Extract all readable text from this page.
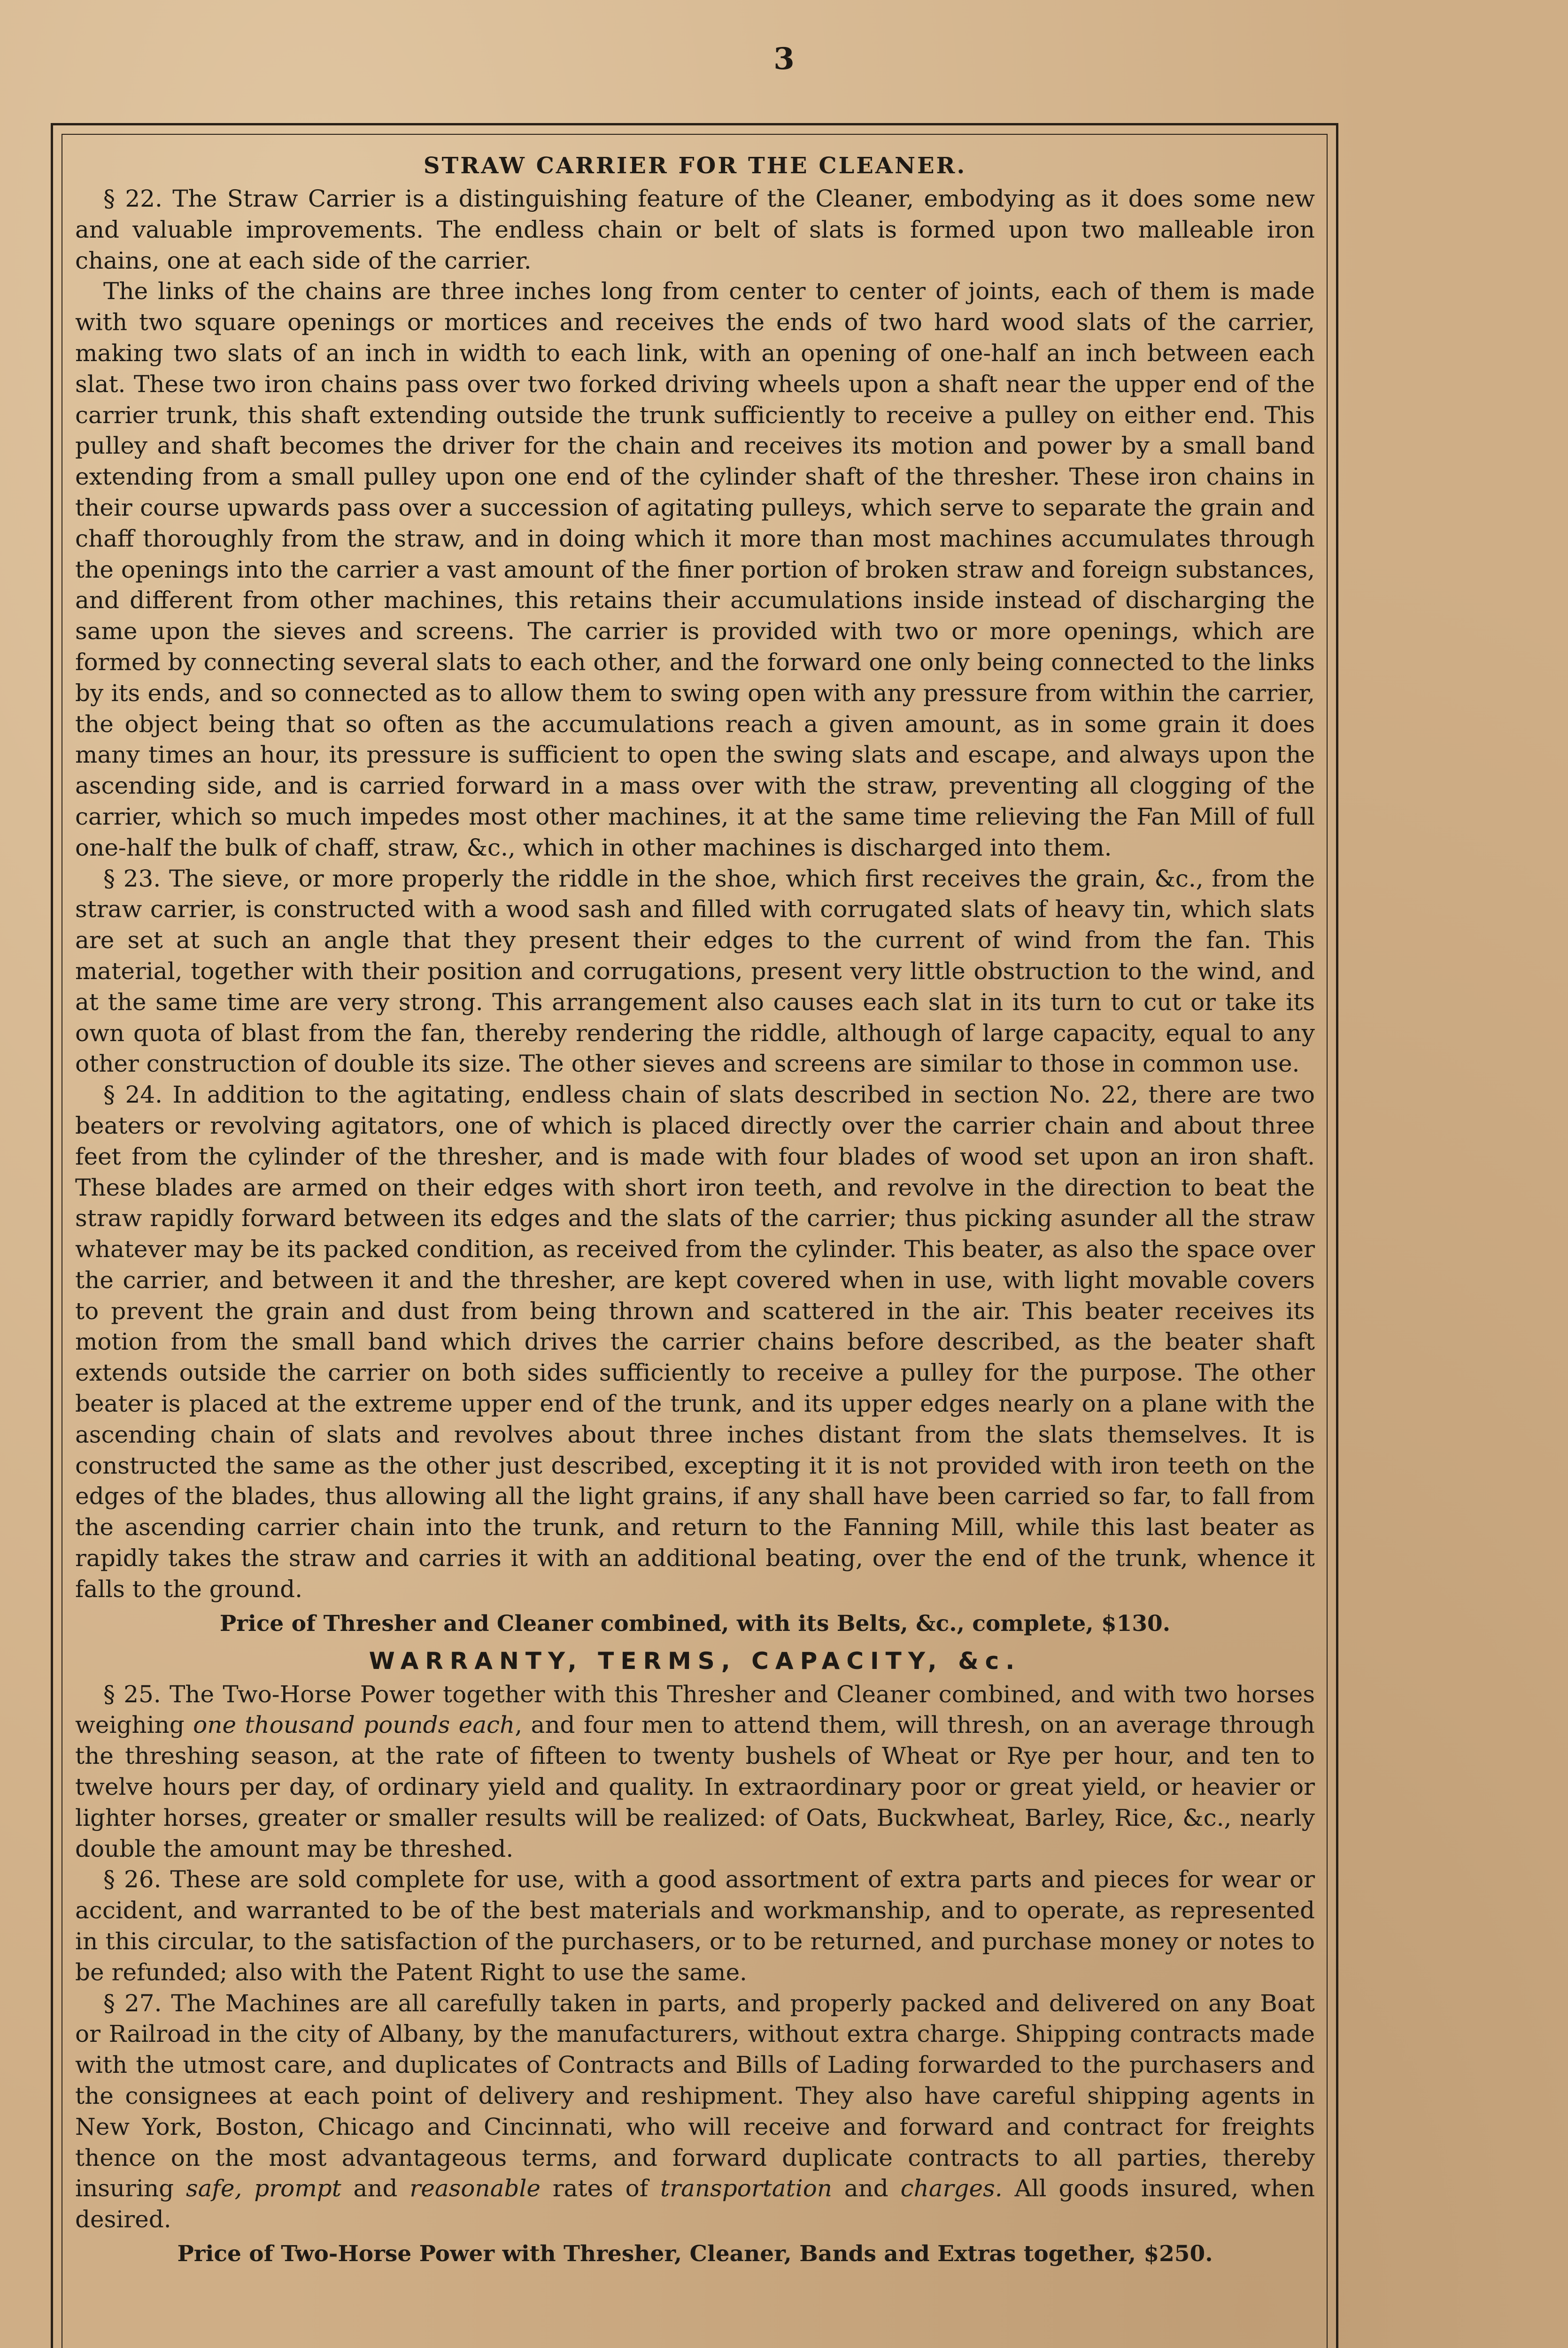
3

STRAW CARRIER FOR THE CLEANER.

§ 22. The Straw Carrier is a distinguishing feature of the Cleaner, embodying as it does some new and valuable improvements. The endless chain or belt of slats is formed upon two malleable iron chains, one at each side of the carrier.

The links of the chains are three inches long from center to center of joints, each of them is made with two square openings or mortices and receives the ends of two hard wood slats of the carrier, making two slats of an inch in width to each link, with an opening of one-half an inch between each slat. These two iron chains pass over two forked driving wheels upon a shaft near the upper end of the carrier trunk, this shaft extending outside the trunk sufficiently to receive a pulley on either end. This pulley and shaft becomes the driver for the chain and receives its motion and power by a small band extending from a small pulley upon one end of the cylinder shaft of the thresher. These iron chains in their course upwards pass over a succession of agitating pulleys, which serve to separate the grain and chaff thoroughly from the straw, and in doing which it more than most machines accumulates through the openings into the carrier a vast amount of the finer portion of broken straw and foreign substances, and different from other machines, this retains their accumulations inside instead of discharging the same upon the sieves and screens. The carrier is provided with two or more openings, which are formed by connecting several slats to each other, and the forward one only being connected to the links by its ends, and so connected as to allow them to swing open with any pressure from within the carrier, the object being that so often as the accumulations reach a given amount, as in some grain it does many times an hour, its pressure is sufficient to open the swing slats and escape, and always upon the ascending side, and is carried forward in a mass over with the straw, preventing all clogging of the carrier, which so much impedes most other machines, it at the same time relieving the Fan Mill of full one-half the bulk of chaff, straw, &c., which in other machines is discharged into them.

§ 23. The sieve, or more properly the riddle in the shoe, which first receives the grain, &c., from the straw carrier, is constructed with a wood sash and filled with corrugated slats of heavy tin, which slats are set at such an angle that they present their edges to the current of wind from the fan. This material, together with their position and corrugations, present very little obstruction to the wind, and at the same time are very strong. This arrangement also causes each slat in its turn to cut or take its own quota of blast from the fan, thereby rendering the riddle, although of large capacity, equal to any other construction of double its size. The other sieves and screens are similar to those in common use.

§ 24. In addition to the agitating, endless chain of slats described in section No. 22, there are two beaters or revolving agitators, one of which is placed directly over the carrier chain and about three feet from the cylinder of the thresher, and is made with four blades of wood set upon an iron shaft. These blades are armed on their edges with short iron teeth, and revolve in the direction to beat the straw rapidly forward between its edges and the slats of the carrier; thus picking asunder all the straw whatever may be its packed condition, as received from the cylinder. This beater, as also the space over the carrier, and between it and the thresher, are kept covered when in use, with light movable covers to prevent the grain and dust from being thrown and scattered in the air. This beater receives its motion from the small band which drives the carrier chains before described, as the beater shaft extends outside the carrier on both sides sufficiently to receive a pulley for the purpose. The other beater is placed at the extreme upper end of the trunk, and its upper edges nearly on a plane with the ascending chain of slats and revolves about three inches distant from the slats themselves. It is constructed the same as the other just described, excepting it it is not provided with iron teeth on the edges of the blades, thus allowing all the light grains, if any shall have been carried so far, to fall from the ascending carrier chain into the trunk, and return to the Fanning Mill, while this last beater as rapidly takes the straw and carries it with an additional beating, over the end of the trunk, whence it falls to the ground.

Price of Thresher and Cleaner combined, with its Belts, &c., complete, $130.

WARRANTY, TERMS, CAPACITY, &c.

§ 25. The Two-Horse Power together with this Thresher and Cleaner combined, and with two horses weighing one thousand pounds each, and four men to attend them, will thresh, on an average through the threshing season, at the rate of fifteen to twenty bushels of Wheat or Rye per hour, and ten to twelve hours per day, of ordinary yield and quality. In extraordinary poor or great yield, or heavier or lighter horses, greater or smaller results will be realized: of Oats, Buckwheat, Barley, Rice, &c., nearly double the amount may be threshed.

§ 26. These are sold complete for use, with a good assortment of extra parts and pieces for wear or accident, and warranted to be of the best materials and workmanship, and to operate, as represented in this circular, to the satisfaction of the purchasers, or to be returned, and purchase money or notes to be refunded; also with the Patent Right to use the same.

§ 27. The Machines are all carefully taken in parts, and properly packed and delivered on any Boat or Railroad in the city of Albany, by the manufacturers, without extra charge. Shipping contracts made with the utmost care, and duplicates of Contracts and Bills of Lading forwarded to the purchasers and the consignees at each point of delivery and reshipment. They also have careful shipping agents in New York, Boston, Chicago and Cincinnati, who will receive and forward and contract for freights thence on the most advantageous terms, and forward duplicate contracts to all parties, thereby insuring safe, prompt and reasonable rates of transportation and charges. All goods insured, when desired.

Price of Two-Horse Power with Thresher, Cleaner, Bands and Extras together, $250.
